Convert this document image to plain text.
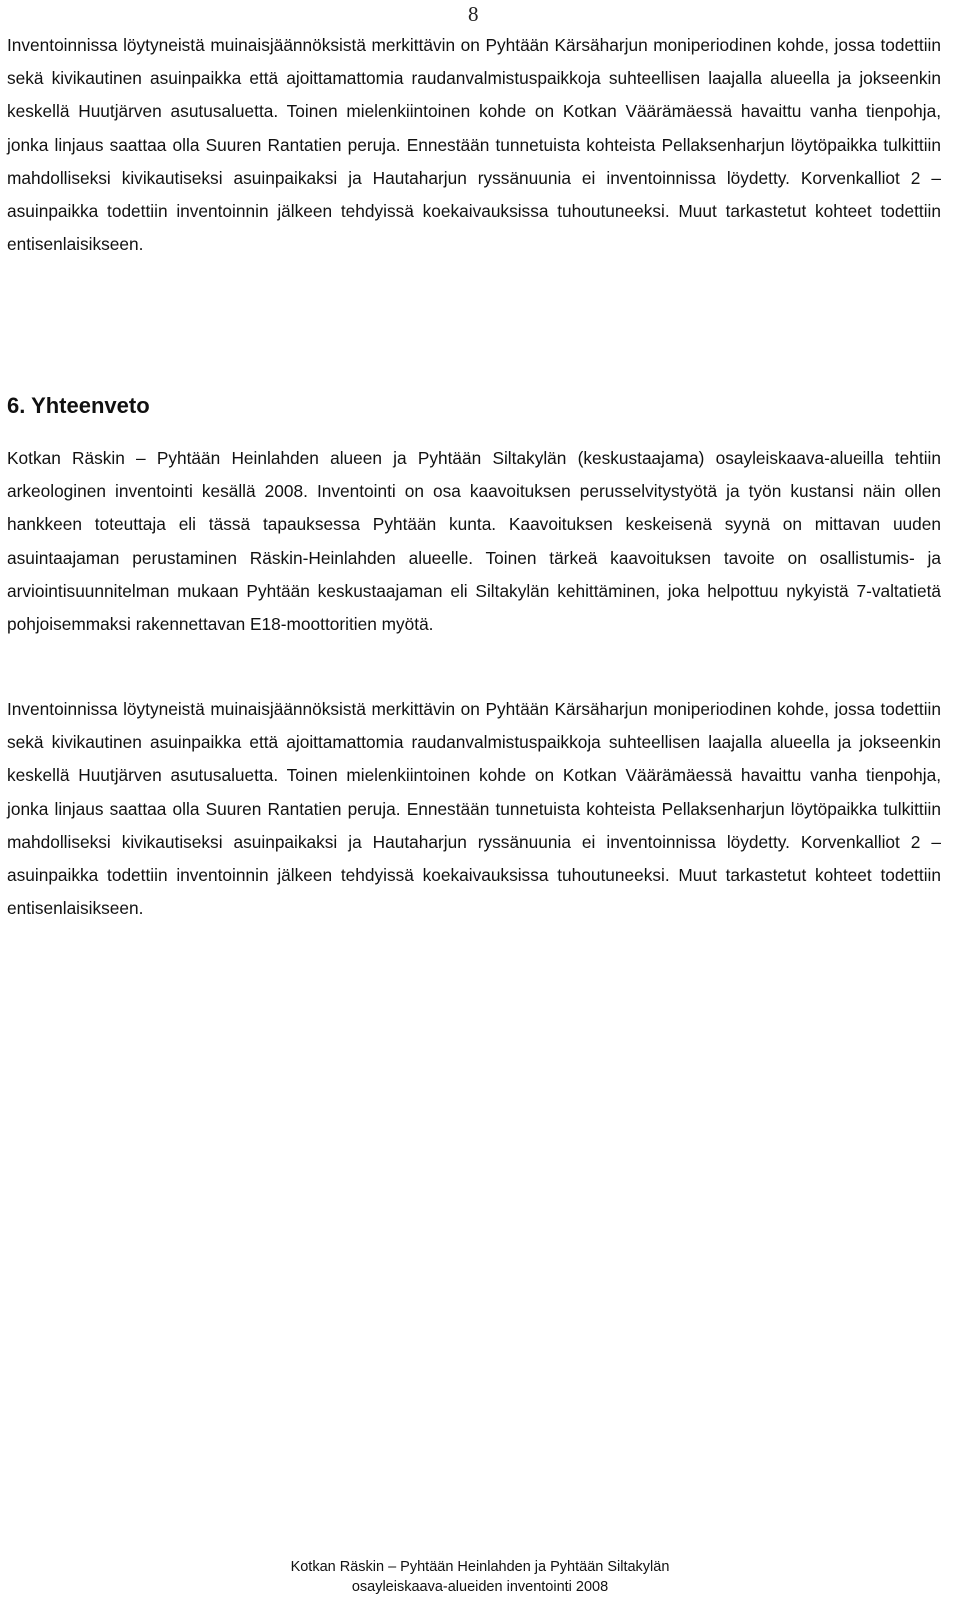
8

Inventoinnissa löytyneistä muinaisjäännöksistä merkittävin on Pyhtään Kärsäharjun moniperiodinen kohde, jossa todettiin sekä kivikautinen asuinpaikka että ajoittamattomia raudanvalmistuspaikkoja suhteellisen laajalla alueella ja jokseenkin keskellä Huutjärven asutusaluetta. Toinen mielenkiintoinen kohde on Kotkan Väärämäessä havaittu vanha tienpohja, jonka linjaus saattaa olla Suuren Rantatien peruja. Ennestään tunnetuista kohteista Pellaksenharjun löytöpaikka tulkittiin mahdolliseksi kivikautiseksi asuinpaikaksi ja Hautaharjun ryssänuunia ei inventoinnissa löydetty. Korvenkalliot 2 –asuinpaikka todettiin inventoinnin jälkeen tehdyissä koekaivauksissa tuhoutuneeksi. Muut tarkastetut kohteet todettiin entisenlaisikseen.

6. Yhteenveto

Kotkan Räskin – Pyhtään Heinlahden alueen ja Pyhtään Siltakylän (keskustaajama) osayleiskaava-alueilla tehtiin arkeologinen inventointi kesällä 2008. Inventointi on osa kaavoituksen perusselvitystyötä ja työn kustansi näin ollen hankkeen toteuttaja eli tässä tapauksessa Pyhtään kunta. Kaavoituksen keskeisenä syynä on mittavan uuden asuintaajaman perustaminen Räskin-Heinlahden alueelle. Toinen tärkeä kaavoituksen tavoite on osallistumis- ja arviointisuunnitelman mukaan Pyhtään keskustaajaman eli Siltakylän kehittäminen, joka helpottuu nykyistä 7-valtatietä pohjoisemmaksi rakennettavan E18-moottoritien myötä.

Inventoinnissa löytyneistä muinaisjäännöksistä merkittävin on Pyhtään Kärsäharjun moniperiodinen kohde, jossa todettiin sekä kivikautinen asuinpaikka että ajoittamattomia raudanvalmistuspaikkoja suhteellisen laajalla alueella ja jokseenkin keskellä Huutjärven asutusaluetta. Toinen mielenkiintoinen kohde on Kotkan Väärämäessä havaittu vanha tienpohja, jonka linjaus saattaa olla Suuren Rantatien peruja. Ennestään tunnetuista kohteista Pellaksenharjun löytöpaikka tulkittiin mahdolliseksi kivikautiseksi asuinpaikaksi ja Hautaharjun ryssänuunia ei inventoinnissa löydetty. Korvenkalliot 2 –asuinpaikka todettiin inventoinnin jälkeen tehdyissä koekaivauksissa tuhoutuneeksi. Muut tarkastetut kohteet todettiin entisenlaisikseen.

Kotkan Räskin – Pyhtään Heinlahden ja Pyhtään Siltakylän
osayleiskaava-alueiden inventointi 2008
